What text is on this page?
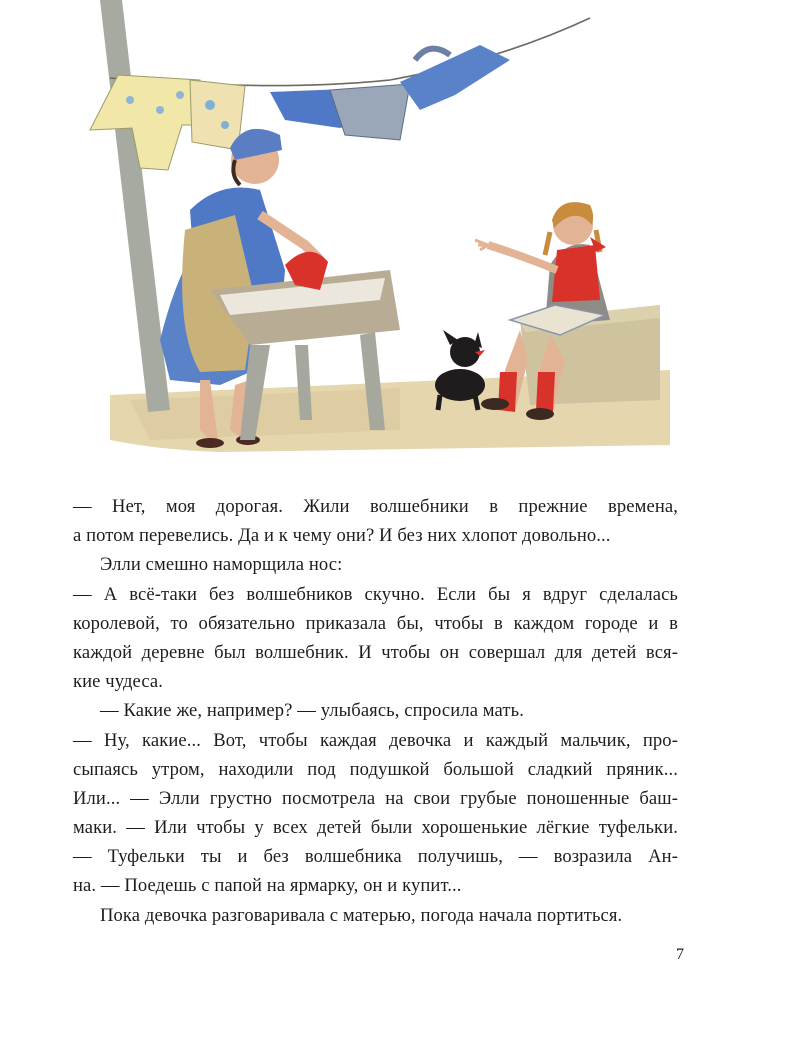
— Нет, моя дорогая. Жили волшебники в прежние времена,
а потом перевелись. Да и к чему они? И без них хлопот довольно...
Элли смешно наморщила нос:
— А всё-таки без волшебников скучно. Если бы я вдруг сделалась
королевой, то обязательно приказала бы, чтобы в каждом городе и в
каждой деревне был волшебник. И чтобы он совершал для детей вся-
кие чудеса.
— Какие же, например? — улыбаясь, спросила мать.
— Ну, какие... Вот, чтобы каждая девочка и каждый мальчик, про-
сыпаясь утром, находили под подушкой большой сладкий пряник...
Или... — Элли грустно посмотрела на свои грубые поношенные баш-
маки. — Или чтобы у всех детей были хорошенькие лёгкие туфельки.
— Туфельки ты и без волшебника получишь, — возразила Ан-
на. — Поедешь с папой на ярмарку, он и купит...
Пока девочка разговаривала с матерью, погода начала портиться.
7
